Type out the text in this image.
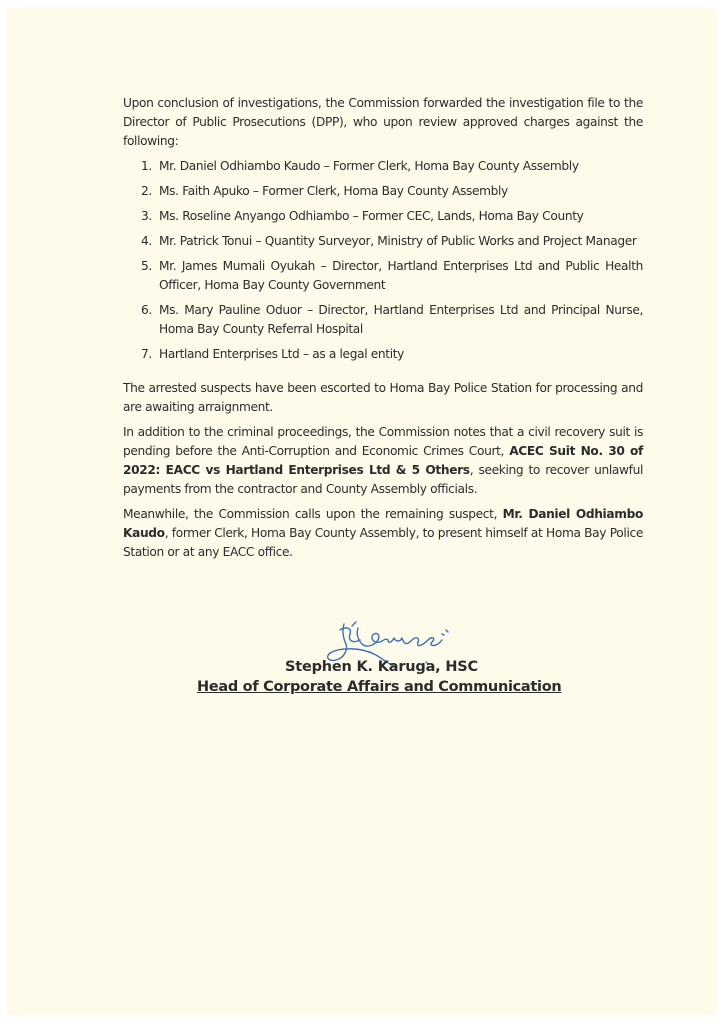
Upon conclusion of investigations, the Commission forwarded the investigation file to the Director of Public Prosecutions (DPP), who upon review approved charges against the following:

1. Mr. Daniel Odhiambo Kaudo – Former Clerk, Homa Bay County Assembly
2. Ms. Faith Apuko – Former Clerk, Homa Bay County Assembly
3. Ms. Roseline Anyango Odhiambo – Former CEC, Lands, Homa Bay County
4. Mr. Patrick Tonui – Quantity Surveyor, Ministry of Public Works and Project Manager
5. Mr. James Mumali Oyukah – Director, Hartland Enterprises Ltd and Public Health Officer, Homa Bay County Government
6. Ms. Mary Pauline Oduor – Director, Hartland Enterprises Ltd and Principal Nurse, Homa Bay County Referral Hospital
7. Hartland Enterprises Ltd – as a legal entity

The arrested suspects have been escorted to Homa Bay Police Station for processing and are awaiting arraignment.

In addition to the criminal proceedings, the Commission notes that a civil recovery suit is pending before the Anti-Corruption and Economic Crimes Court, ACEC Suit No. 30 of 2022: EACC vs Hartland Enterprises Ltd & 5 Others, seeking to recover unlawful payments from the contractor and County Assembly officials.

Meanwhile, the Commission calls upon the remaining suspect, Mr. Daniel Odhiambo Kaudo, former Clerk, Homa Bay County Assembly, to present himself at Homa Bay Police Station or at any EACC office.

Stephen K. Karuga, HSC
Head of Corporate Affairs and Communication
